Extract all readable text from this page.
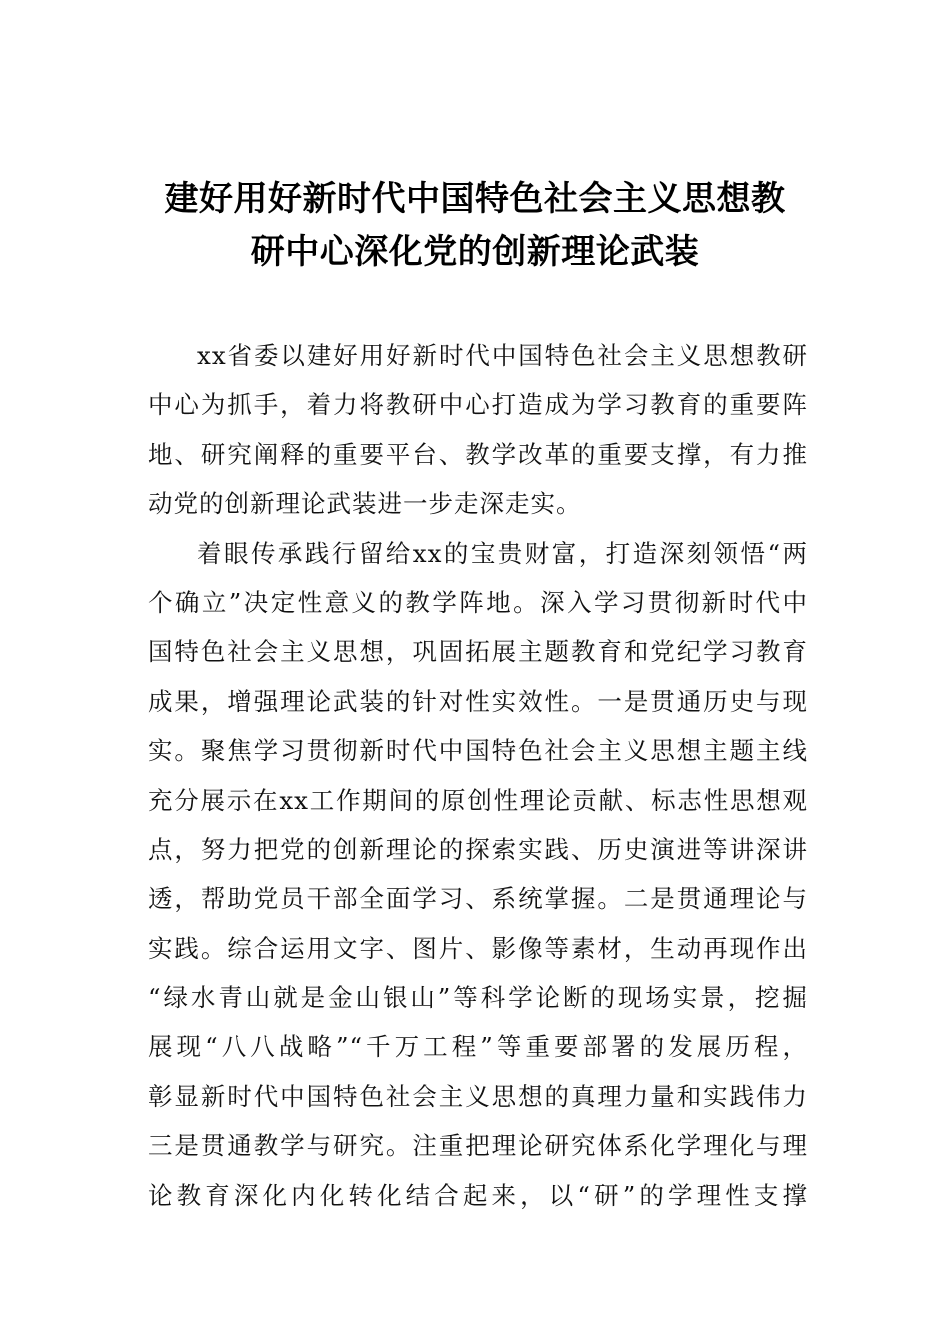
建好用好新时代中国特色社会主义思想教
研中心深化党的创新理论武装
xx省委以建好用好新时代中国特色社会主义思想教研
中心为抓手，着力将教研中心打造成为学习教育的重要阵
地、研究阐释的重要平台、教学改革的重要支撑，有力推
动党的创新理论武装进一步走深走实。
着眼传承践行留给xx的宝贵财富，打造深刻领悟“两
个确立”决定性意义的教学阵地。深入学习贯彻新时代中
国特色社会主义思想，巩固拓展主题教育和党纪学习教育
成果，增强理论武装的针对性实效性。一是贯通历史与现
实。聚焦学习贯彻新时代中国特色社会主义思想主题主线
充分展示在xx工作期间的原创性理论贡献、标志性思想观
点，努力把党的创新理论的探索实践、历史演进等讲深讲
透，帮助党员干部全面学习、系统掌握。二是贯通理论与
实践。综合运用文字、图片、影像等素材，生动再现作出
“绿水青山就是金山银山”等科学论断的现场实景，挖掘
展现“八八战略”“千万工程”等重要部署的发展历程，
彰显新时代中国特色社会主义思想的真理力量和实践伟力
三是贯通教学与研究。注重把理论研究体系化学理化与理
论教育深化内化转化结合起来，以“研”的学理性支撑
